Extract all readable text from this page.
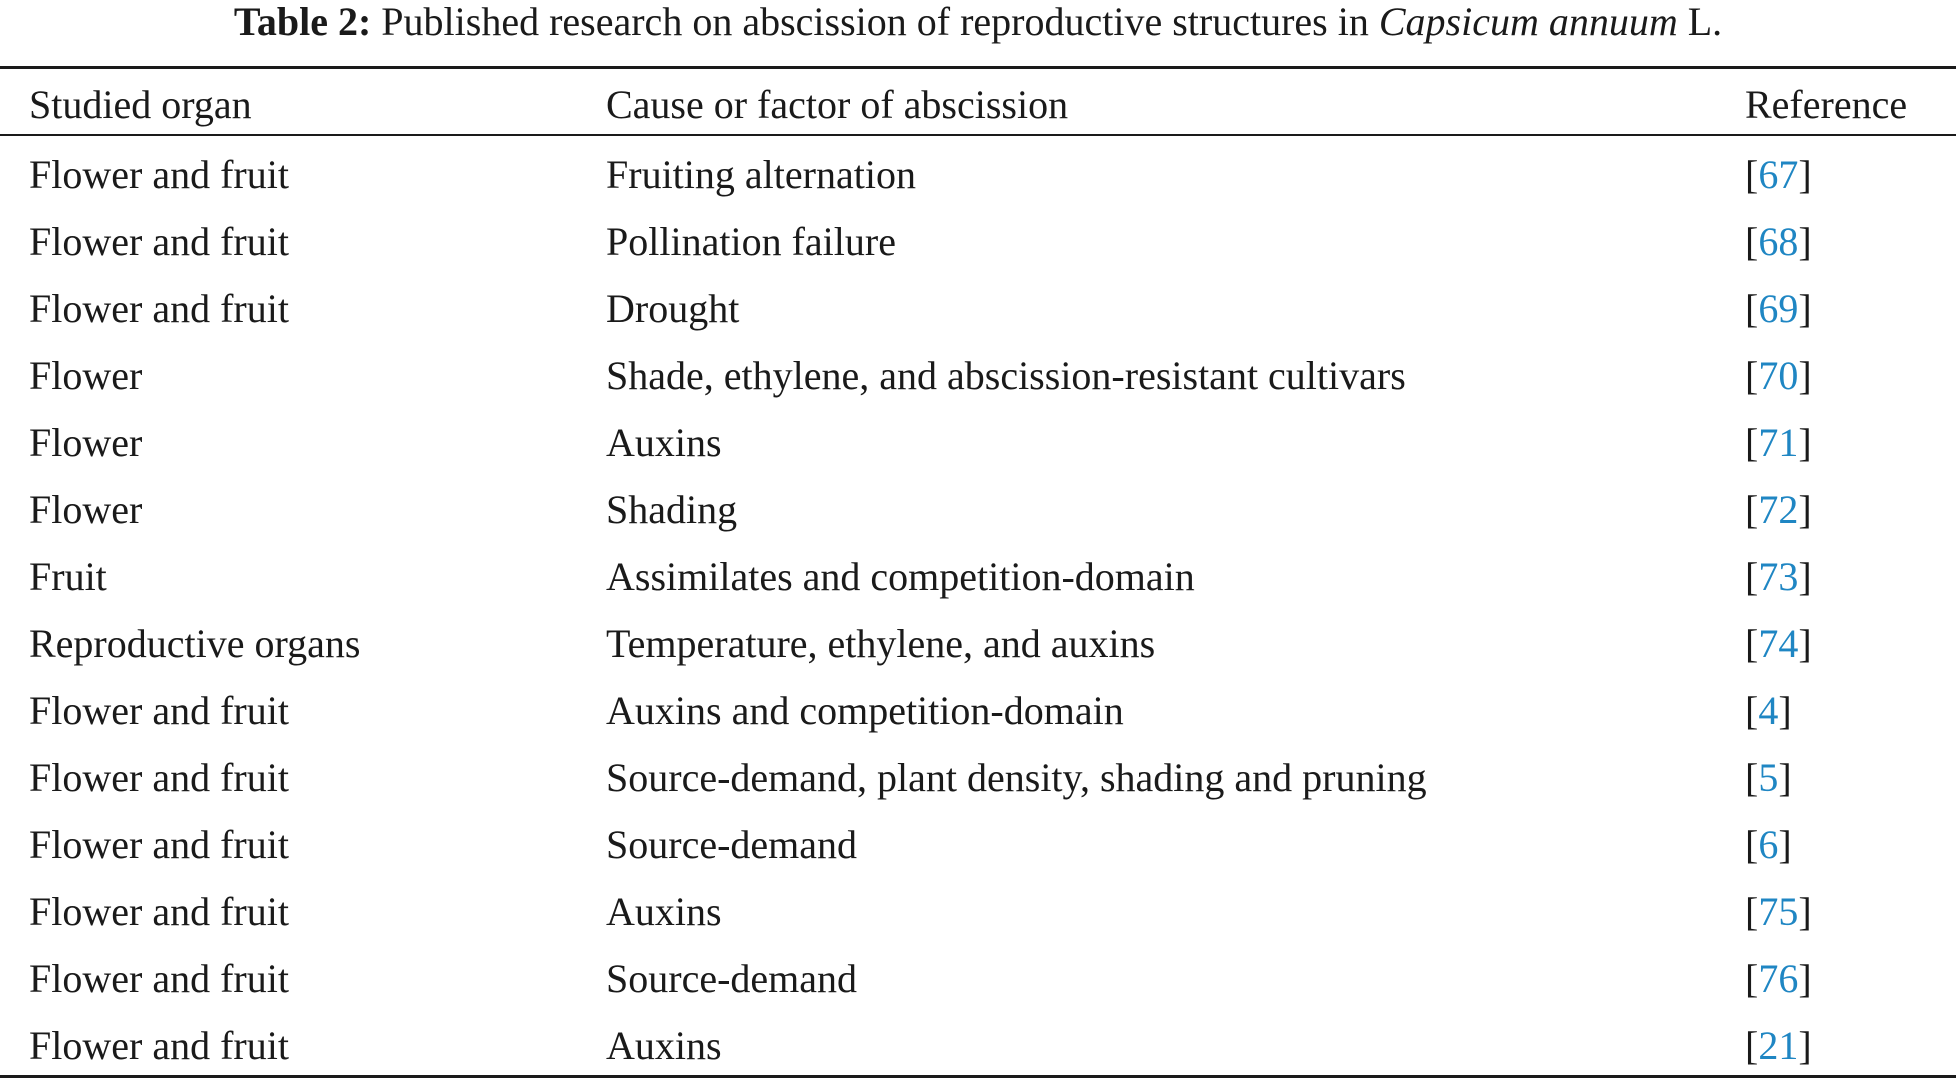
Table 2: Published research on abscission of reproductive structures in Capsicum annuum L.
Studied organ	Cause or factor of abscission	Reference
Flower and fruit	Fruiting alternation	[67]
Flower and fruit	Pollination failure	[68]
Flower and fruit	Drought	[69]
Flower	Shade, ethylene, and abscission-resistant cultivars	[70]
Flower	Auxins	[71]
Flower	Shading	[72]
Fruit	Assimilates and competition-domain	[73]
Reproductive organs	Temperature, ethylene, and auxins	[74]
Flower and fruit	Auxins and competition-domain	[4]
Flower and fruit	Source-demand, plant density, shading and pruning	[5]
Flower and fruit	Source-demand	[6]
Flower and fruit	Auxins	[75]
Flower and fruit	Source-demand	[76]
Flower and fruit	Auxins	[21]
